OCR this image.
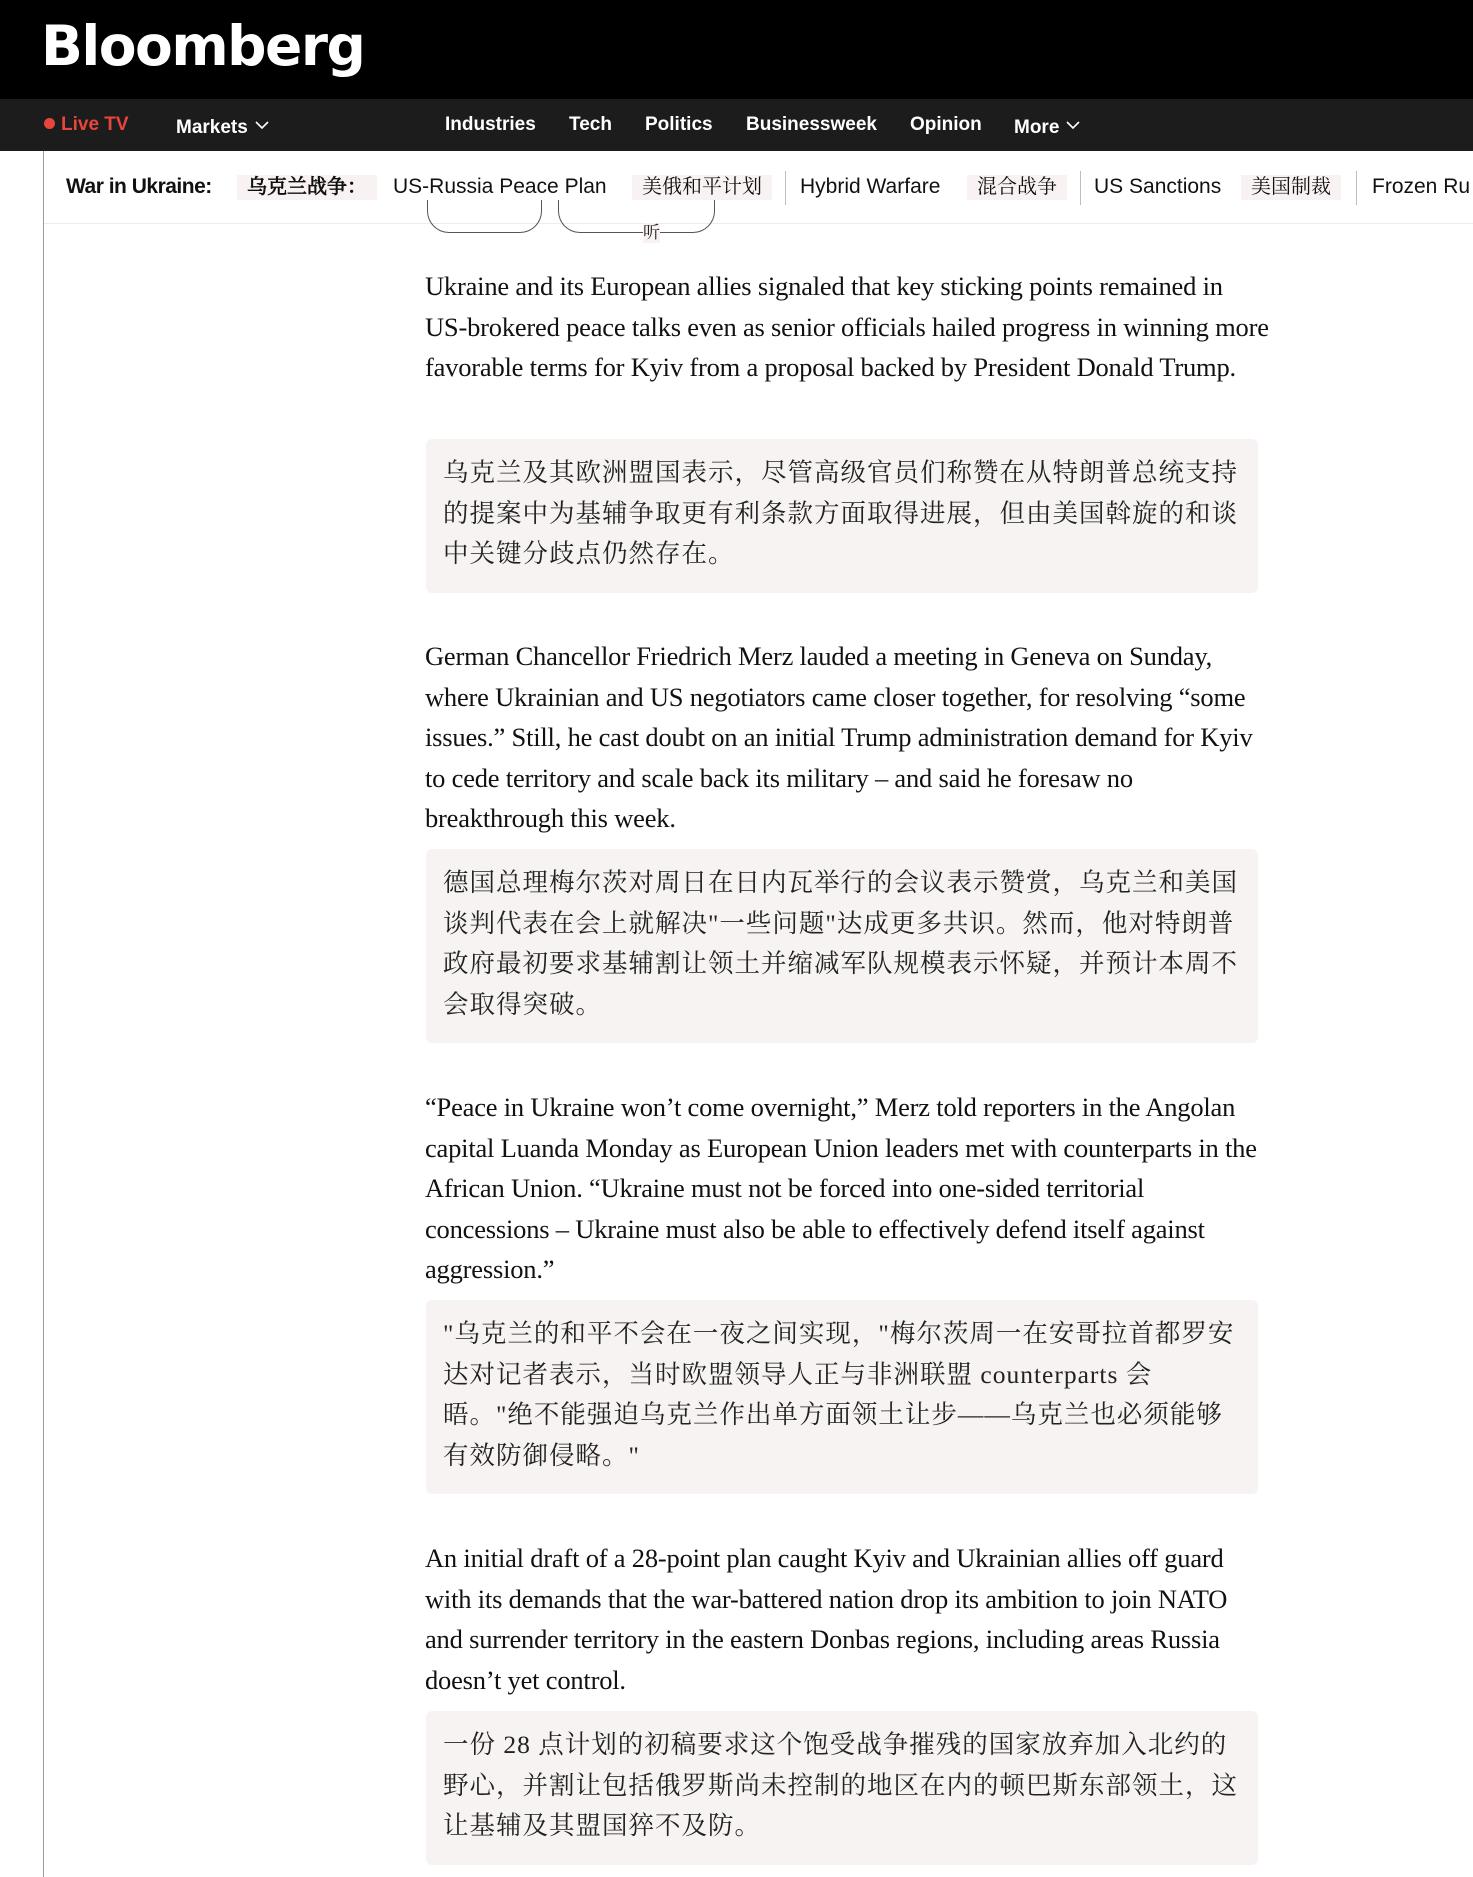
Bloomberg
Live TV Markets	Industries Tech Politics Businessweek Opinion More
War in Ukraine:	乌克兰战争：	US-Russia Peace Plan	美俄和平计划	Hybrid Warfare	混合战争	US Sanctions	美国制裁	Frozen Ru
听
Ukraine and its European allies signaled that key sticking points remained in US-brokered peace talks even as senior officials hailed progress in winning more favorable terms for Kyiv from a proposal backed by President Donald Trump.
乌克兰及其欧洲盟国表示，尽管高级官员们称赞在从特朗普总统支持的提案中为基辅争取更有利条款方面取得进展，但由美国斡旋的和谈中关键分歧点仍然存在。
German Chancellor Friedrich Merz lauded a meeting in Geneva on Sunday, where Ukrainian and US negotiators came closer together, for resolving “some issues.” Still, he cast doubt on an initial Trump administration demand for Kyiv to cede territory and scale back its military – and said he foresaw no breakthrough this week.
德国总理梅尔茨对周日在日内瓦举行的会议表示赞赏，乌克兰和美国谈判代表在会上就解决"一些问题"达成更多共识。然而，他对特朗普政府最初要求基辅割让领土并缩减军队规模表示怀疑，并预计本周不会取得突破。
“Peace in Ukraine won’t come overnight,” Merz told reporters in the Angolan capital Luanda Monday as European Union leaders met with counterparts in the African Union. “Ukraine must not be forced into one-sided territorial concessions – Ukraine must also be able to effectively defend itself against aggression.”
"乌克兰的和平不会在一夜之间实现，"梅尔茨周一在安哥拉首都罗安达对记者表示，当时欧盟领导人正与非洲联盟 counterparts 会晤。"绝不能强迫乌克兰作出单方面领土让步——乌克兰也必须能够有效防御侵略。"
An initial draft of a 28-point plan caught Kyiv and Ukrainian allies off guard with its demands that the war-battered nation drop its ambition to join NATO and surrender territory in the eastern Donbas regions, including areas Russia doesn’t yet control.
一份 28 点计划的初稿要求这个饱受战争摧残的国家放弃加入北约的野心，并割让包括俄罗斯尚未控制的地区在内的顿巴斯东部领土，这让基辅及其盟国猝不及防。
